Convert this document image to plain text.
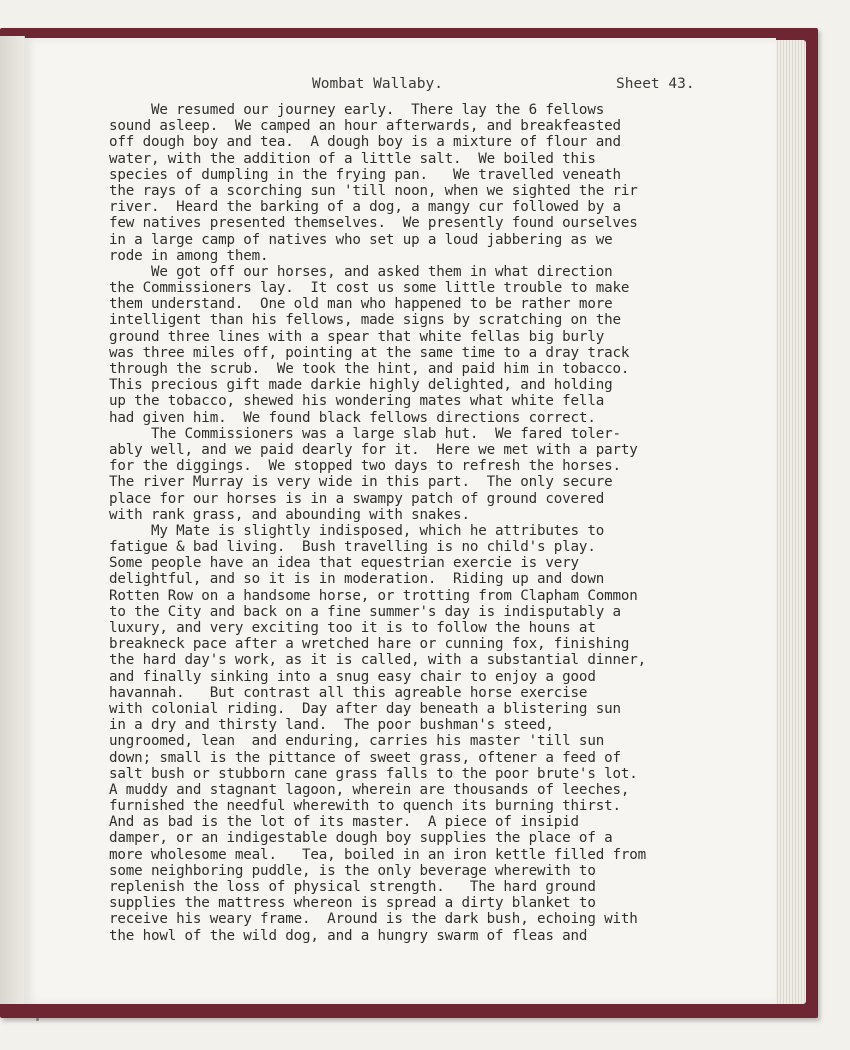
Wombat Wallaby.	Sheet 43.
We resumed our journey early.  There lay the 6 fellows
sound asleep.  We camped an hour afterwards, and breakfeasted
off dough boy and tea.  A dough boy is a mixture of flour and
water, with the addition of a little salt.  We boiled this
species of dumpling in the frying pan.   We travelled veneath
the rays of a scorching sun 'till noon, when we sighted the rir
river.  Heard the barking of a dog, a mangy cur followed by a
few natives presented themselves.  We presently found ourselves
in a large camp of natives who set up a loud jabbering as we
rode in among them.
We got off our horses, and asked them in what direction
the Commissioners lay.  It cost us some little trouble to make
them understand.  One old man who happened to be rather more
intelligent than his fellows, made signs by scratching on the
ground three lines with a spear that white fellas big burly
was three miles off, pointing at the same time to a dray track
through the scrub.  We took the hint, and paid him in tobacco.
This precious gift made darkie highly delighted, and holding
up the tobacco, shewed his wondering mates what white fella
had given him.  We found black fellows directions correct.
The Commissioners was a large slab hut.  We fared toler-
ably well, and we paid dearly for it.  Here we met with a party
for the diggings.  We stopped two days to refresh the horses.
The river Murray is very wide in this part.  The only secure
place for our horses is in a swampy patch of ground covered
with rank grass, and abounding with snakes.
My Mate is slightly indisposed, which he attributes to
fatigue & bad living.  Bush travelling is no child's play.
Some people have an idea that equestrian exercie is very
delightful, and so it is in moderation.  Riding up and down
Rotten Row on a handsome horse, or trotting from Clapham Common
to the City and back on a fine summer's day is indisputably a
luxury, and very exciting too it is to follow the houns at
breakneck pace after a wretched hare or cunning fox, finishing
the hard day's work, as it is called, with a substantial dinner,
and finally sinking into a snug easy chair to enjoy a good
havannah.   But contrast all this agreable horse exercise
with colonial riding.  Day after day beneath a blistering sun
in a dry and thirsty land.  The poor bushman's steed,
ungroomed, lean  and enduring, carries his master 'till sun
down; small is the pittance of sweet grass, oftener a feed of
salt bush or stubborn cane grass falls to the poor brute's lot.
A muddy and stagnant lagoon, wherein are thousands of leeches,
furnished the needful wherewith to quench its burning thirst.
And as bad is the lot of its master.  A piece of insipid
damper, or an indigestable dough boy supplies the place of a
more wholesome meal.   Tea, boiled in an iron kettle filled from
some neighboring puddle, is the only beverage wherewith to
replenish the loss of physical strength.   The hard ground
supplies the mattress whereon is spread a dirty blanket to
receive his weary frame.  Around is the dark bush, echoing with
the howl of the wild dog, and a hungry swarm of fleas and
